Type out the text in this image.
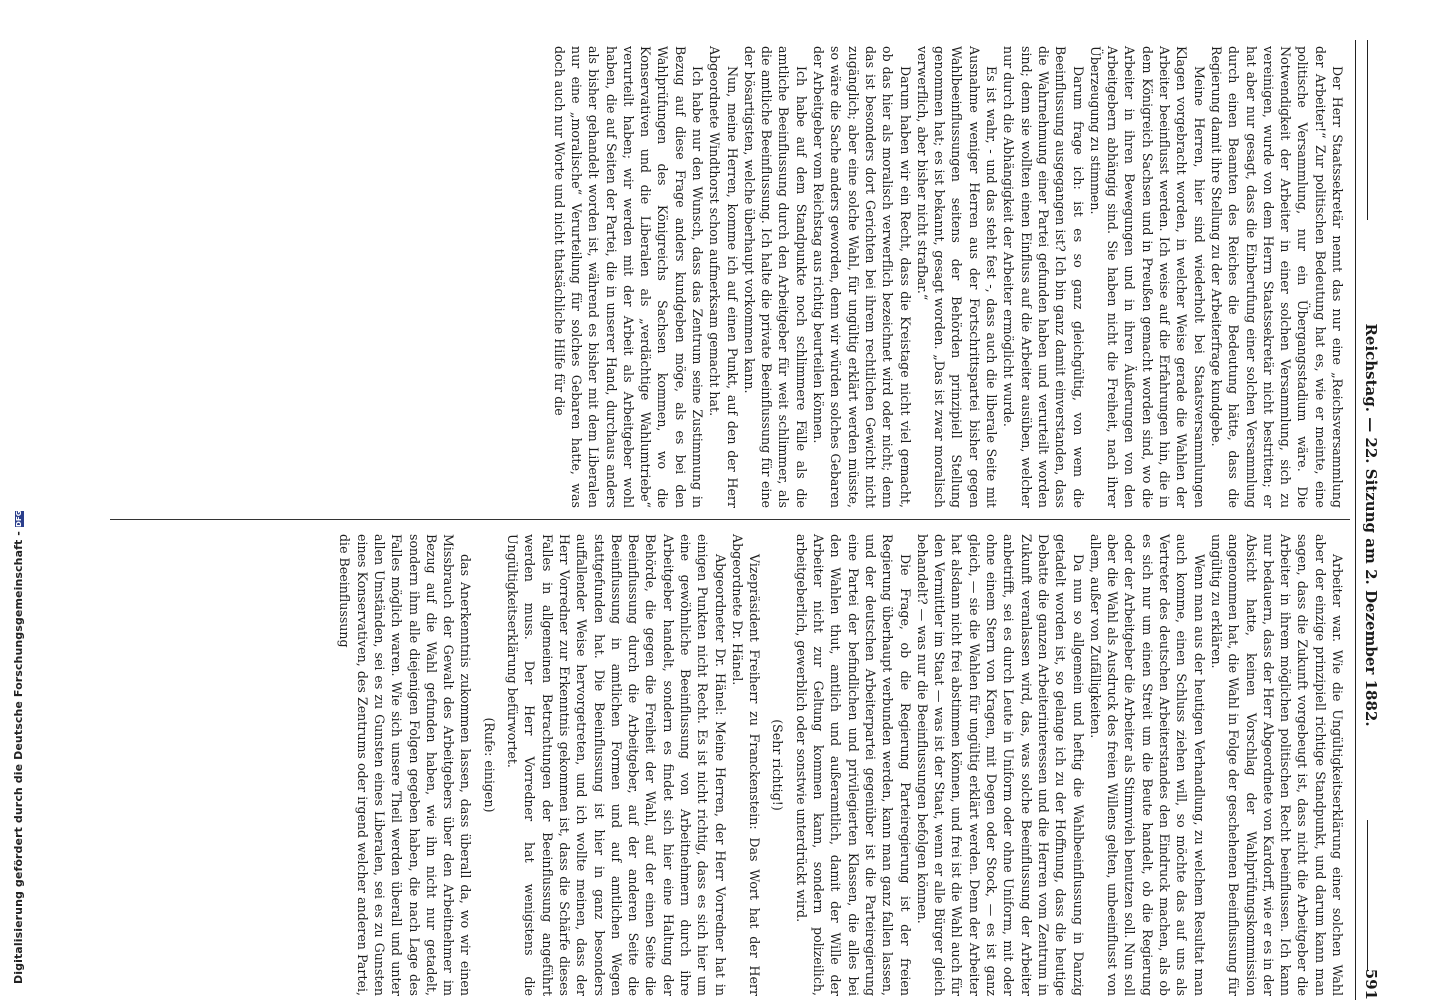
Digitalisierung gefördert durch die Deutsche Forschungsgemeinschaft -DFG	Reichstag. — 22. Sitzung am 2. Dezember 1882.
591

Der Herr Staatssekretär nennt das nur eine „Reichsversammlung der Arbeiter!“ Zur politischen Bedeutung hat es, wie er meinte, eine politische Versammlung, nur ein Übergangsstadium wäre. Die Notwendigkeit der Arbeiter in einer solchen Versammlung, sich zu vereinigen, wurde von dem Herrn Staatssekretär nicht bestritten; er hat aber nur gesagt, dass die Einberufung einer solchen Versammlung durch einen Beamten des Reiches die Bedeutung hätte, dass die Regierung damit ihre Stellung zu der Arbeiterfrage kundgebe.

Meine Herren, hier sind wiederholt bei Staatsversammlungen Klagen vorgebracht worden, in welcher Weise gerade die Wahlen der Arbeiter beeinflusst werden. Ich weise auf die Erfahrungen hin, die in dem Königreich Sachsen und in Preußen gemacht worden sind, wo die Arbeiter in ihren Bewegungen und in ihren Äußerungen von den Arbeitgebern abhängig sind. Sie haben nicht die Freiheit, nach ihrer Überzeugung zu stimmen.

Darum frage ich: ist es so ganz gleichgültig, von wem die Beeinflussung ausgegangen ist? Ich bin ganz damit einverstanden, dass die Wahrnehmung einer Partei gefunden haben und verurteilt worden sind; denn sie wollten einen Einfluss auf die Arbeiter ausüben, welcher nur durch die Abhängigkeit der Arbeiter ermöglicht wurde.

Es ist wahr, - und das steht fest -, dass auch die liberale Seite mit Ausnahme weniger Herren aus der Fortschrittspartei bisher gegen Wahlbeeinflussungen seitens der Behörden prinzipiell Stellung genommen hat; es ist bekannt, gesagt worden. „Das ist zwar moralisch verwerflich, aber bisher nicht strafbar.“

Darum haben wir ein Recht, dass die Kreistage nicht viel gemacht, ob das hier als moralisch verwerflich bezeichnet wird oder nicht; denn das ist besonders dort Gerichten bei ihrem rechtlichen Gewicht nicht zugänglich; aber eine solche Wahl, für ungültig erklärt werden müsste, so wäre die Sache anders geworden, denn wir würden solches Gebaren der Arbeitgeber vom Reichstag aus richtig beurteilen können.

Ich habe auf dem Standpunkte noch schlimmere Fälle als die amtliche Beeinflussung durch den Arbeitgeber für weit schlimmer, als die amtliche Beeinflussung. Ich halte die private Beeinflussung für eine der bösartigsten, welche überhaupt vorkommen kann.

Nun, meine Herren, komme ich auf einen Punkt, auf den der Herr Abgeordnete Windthorst schon aufmerksam gemacht hat.

Ich habe nur den Wunsch, dass das Zentrum seine Zustimmung in Bezug auf diese Frage anders kundgeben möge, als es bei den Wahlprüfungen des Königreichs Sachsen kommen, wo die Konservativen und die Liberalen als „verdächtige Wahlumtriebe“ verurteilt haben; wir werden mit der Arbeit als Arbeitgeber wohl haben, die auf Seiten der Partei, die in unserer Hand, durchaus anders als bisher gehandelt worden ist, während es bisher mit dem Liberalen nur eine „moralische“ Verurteilung für solches Gebaren hatte, was doch auch nur Worte und nicht thatsächliche Hilfe für die

Arbeiter war. Wie die Ungültigkeitserklärung einer solchen Wahl aber der einzige prinzipiell richtige Standpunkt, und darum kann man sagen, dass die Zukunft vorgebeugt ist, dass nicht die Arbeitgeber die Arbeiter in ihrem möglichen politischen Recht beeinflussen. Ich kann nur bedauern, dass der Herr Abgeordnete von Kardorff, wie er es in der Absicht hatte, keinen Vorschlag der Wahlprüfungskommission angenommen hat, die Wahl in Folge der geschehenen Beeinflussung für ungültig zu erklären.

Wenn man aus der heutigen Verhandlung, zu welchem Resultat man auch komme, einen Schluss ziehen will, so möchte das auf uns als Vertreter des deutschen Arbeiterstandes den Eindruck machen, als ob es sich nur um einen Streit um die Beute handelt, ob die Regierung oder der Arbeitgeber die Arbeiter als Stimmvieh benutzen soll. Nun soll aber die Wahl als Ausdruck des freien Willens gelten, unbeeinflusst von allem, außer von Zufälligkeiten.

Da nun so allgemein und heftig die Wahlbeeinflussung in Danzig getadelt worden ist, so gelange ich zu der Hoffnung, dass die heutige Debatte die ganzen Arbeiterinteressen und die Herren vom Zentrum in Zukunft veranlassen wird, das, was solche Beeinflussung der Arbeiter anbetrifft, sei es durch Leute in Uniform oder ohne Uniform, mit oder ohne einem Stern von Kragen, mit Degen oder Stock, — es ist ganz gleich, — sie die Wahlen für ungültig erklärt werden. Denn der Arbeiter hat alsdann nicht frei abstimmen können, und frei ist die Wahl auch für den Vermittler im Staat — was ist der Staat, wenn er alle Bürger gleich behandelt? — was nur die Beeinflussungen befolgen können.

Die Frage, ob die Regierung Parteiregierung ist der freien Regierung überhaupt verbunden werden, kann man ganz fallen lassen, und der deutschen Arbeiterpartei gegenüber ist die Parteiregierung eine Partei der befindlichen und privilegierten Klassen, die alles bei den Wahlen thut, amtlich und außeramtlich, damit der Wille der Arbeiter nicht zur Geltung kommen kann, sondern polizeilich, arbeitgeberlich, gewerblich oder sonstwie unterdrückt wird.

(Sehr richtig!)

Vizepräsident Freiherr zu Franckenstein: Das Wort hat der Herr Abgeordnete Dr. Hänel.

Abgeordneter Dr. Hänel: Meine Herren, der Herr Vorredner hat in einigen Punkten nicht Recht. Es ist nicht richtig, dass es sich hier um eine gewöhnliche Beeinflussung von Arbeitnehmern durch ihre Arbeitgeber handelt, sondern es findet sich hier eine Haltung der Behörde, die gegen die Freiheit der Wahl, auf der einen Seite die Beeinflussung durch die Arbeitgeber, auf der anderen Seite die Beeinflussung in amtlichen Formen und auf amtlichen Wegen stattgefunden hat. Die Beeinflussung ist hier in ganz besonders auffallender Weise hervorgetreten, und ich wollte meinen, dass der Herr Vorredner zur Erkenntnis gekommen ist, dass die Schärfe dieses Falles in allgemeinen Betrachtungen der Beeinflussung angeführt werden muss. Der Herr Vorredner hat wenigstens die Ungültigkeitserklärung befürwortet.

(Rufe: einigen)

das Anerkenntnis zukommen lassen, dass überall da, wo wir einen Missbrauch der Gewalt des Arbeitgebers über den Arbeitnehmer im Bezug auf die Wahl gefunden haben, wie ihn nicht nur getadelt, sondern ihm alle diejenigen Folgen gegeben haben, die nach Lage des Falles möglich waren. Wie sich unsere Theil werden überall und unter allen Umständen, sei es zu Gunsten eines Liberalen, sei es zu Gunsten eines Konservativen, des Zentrums oder irgend welcher anderen Partei, die Beeinflussung
